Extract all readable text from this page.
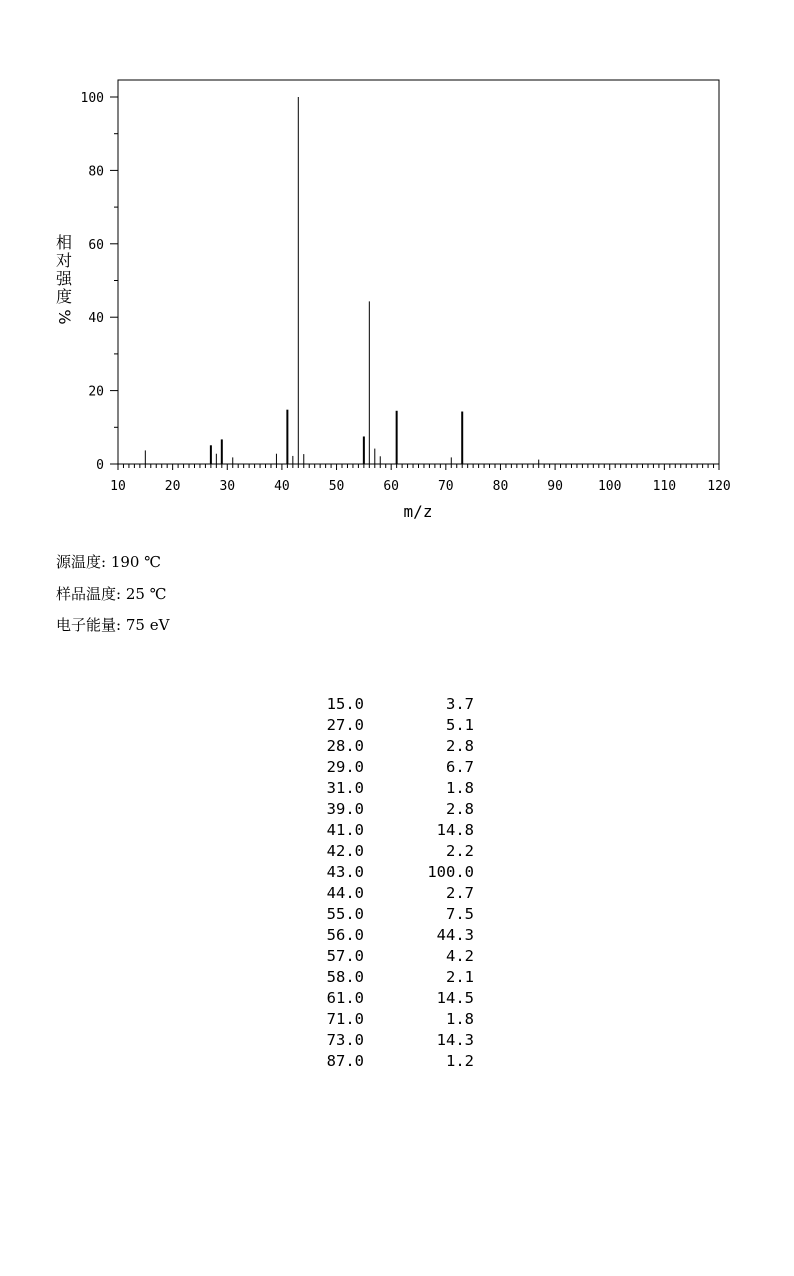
10	20	30	40	50	60	70	80	90	100 110 120
0
20
40
60
80
100
m/z
相
对
强
度
%
源温度: 190 ℃
样品温度: 25 ℃
电子能量: 75 eV
15.0	3.7
27.0	5.1
28.0	2.8
29.0	6.7
31.0	1.8
39.0	2.8
41.0	14.8
42.0	2.2
43.0	100.0
44.0	2.7
55.0	7.5
56.0	44.3
57.0	4.2
58.0	2.1
61.0	14.5
71.0	1.8
73.0	14.3
87.0	1.2
